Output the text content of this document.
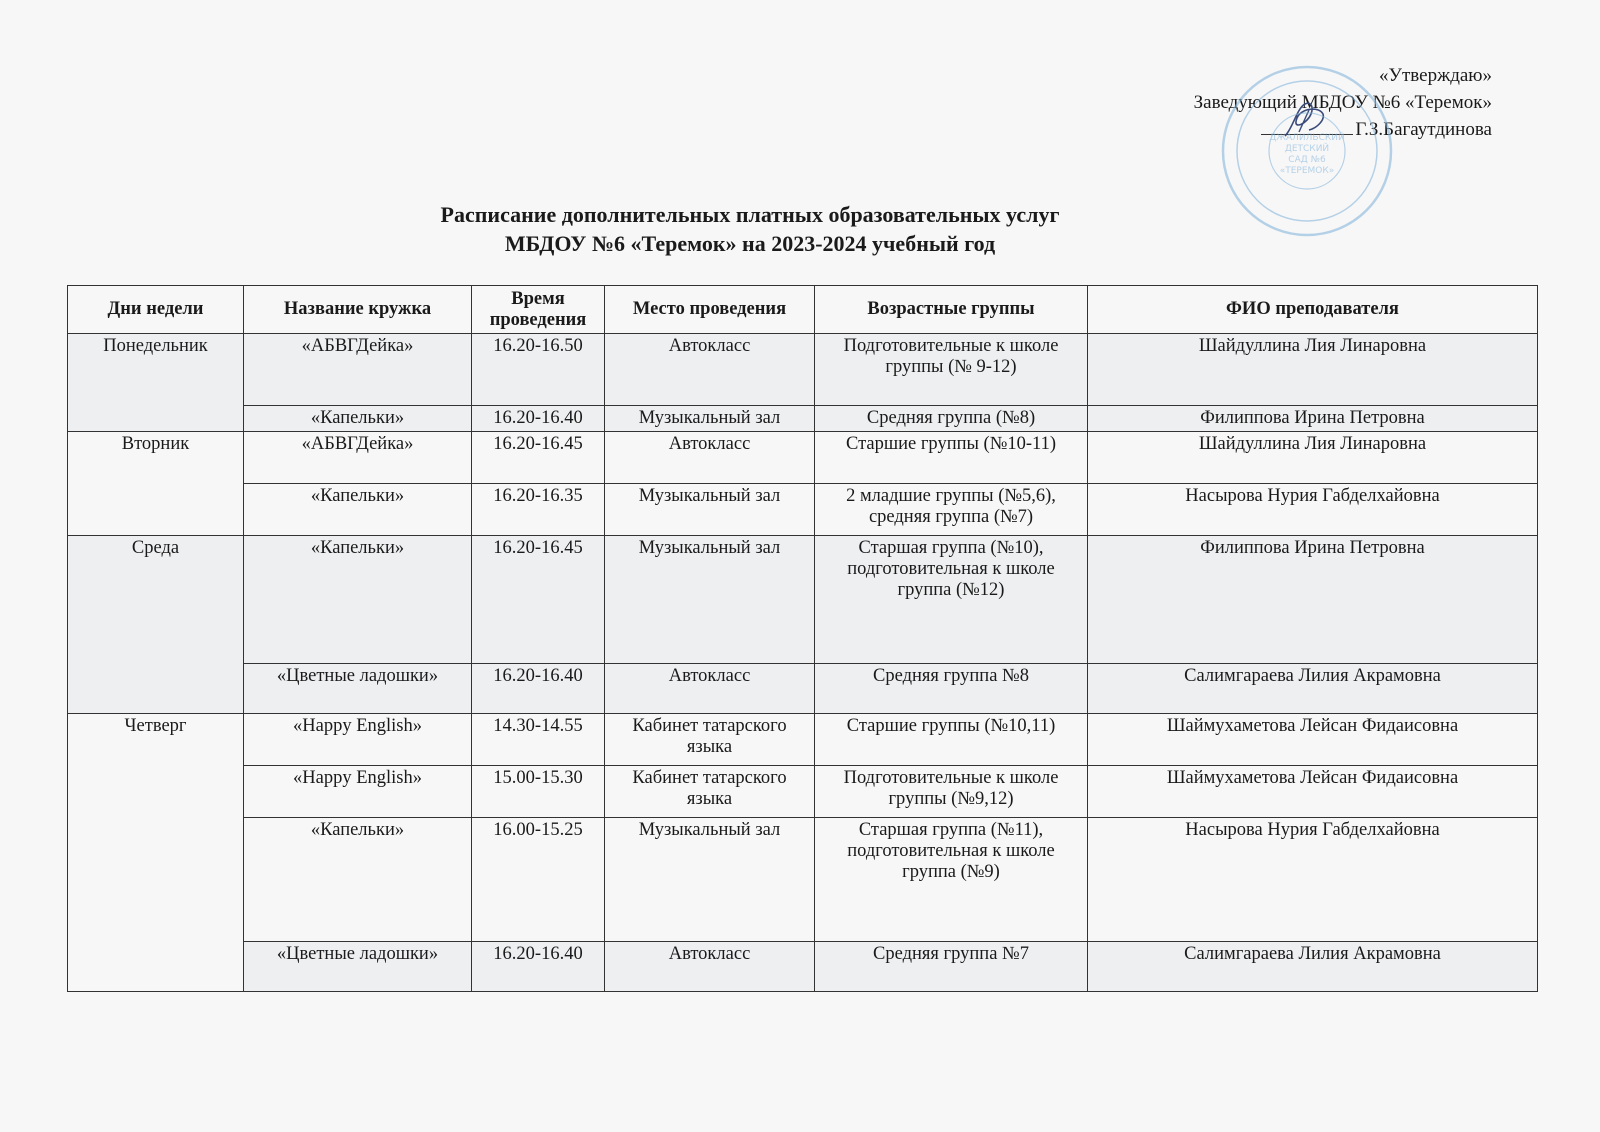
«Утверждаю»
Заведующий МБДОУ №6 «Теремок»
Г.З.Багаутдинова
ДЖАЛИЛЬСКИЙ
ДЕТСКИЙ
САД №6
«ТЕРЕМОК»
Расписание дополнительных платных образовательных услуг
МБДОУ №6 «Теремок» на 2023-2024 учебный год
Дни недели	Название кружка	Время проведения	Место проведения	Возрастные группы	ФИО преподавателя
Понедельник	«АБВГДейка»	16.20-16.50	Автокласс	Подготовительные к школе группы (№ 9-12)	Шайдуллина Лия Линаровна
	«Капельки»	16.20-16.40	Музыкальный зал	Средняя группа (№8)	Филиппова Ирина Петровна
Вторник	«АБВГДейка»	16.20-16.45	Автокласс	Старшие группы (№10-11)	Шайдуллина Лия Линаровна
	«Капельки»	16.20-16.35	Музыкальный зал	2 младшие группы (№5,6), средняя группа (№7)	Насырова Нурия Габделхайовна
Среда	«Капельки»	16.20-16.45	Музыкальный зал	Старшая группа (№10), подготовительная к школе группа (№12)	Филиппова Ирина Петровна
	«Цветные ладошки»	16.20-16.40	Автокласс	Средняя группа №8	Салимгараева Лилия Акрамовна
Четверг	«Happy English»	14.30-14.55	Кабинет татарского языка	Старшие группы (№10,11)	Шаймухаметова Лейсан Фидаисовна
	«Happy English»	15.00-15.30	Кабинет татарского языка	Подготовительные к школе группы (№9,12)	Шаймухаметова Лейсан Фидаисовна
	«Капельки»	16.00-15.25	Музыкальный зал	Старшая группа (№11), подготовительная к школе группа (№9)	Насырова Нурия Габделхайовна
	«Цветные ладошки»	16.20-16.40	Автокласс	Средняя группа №7	Салимгараева Лилия Акрамовна
